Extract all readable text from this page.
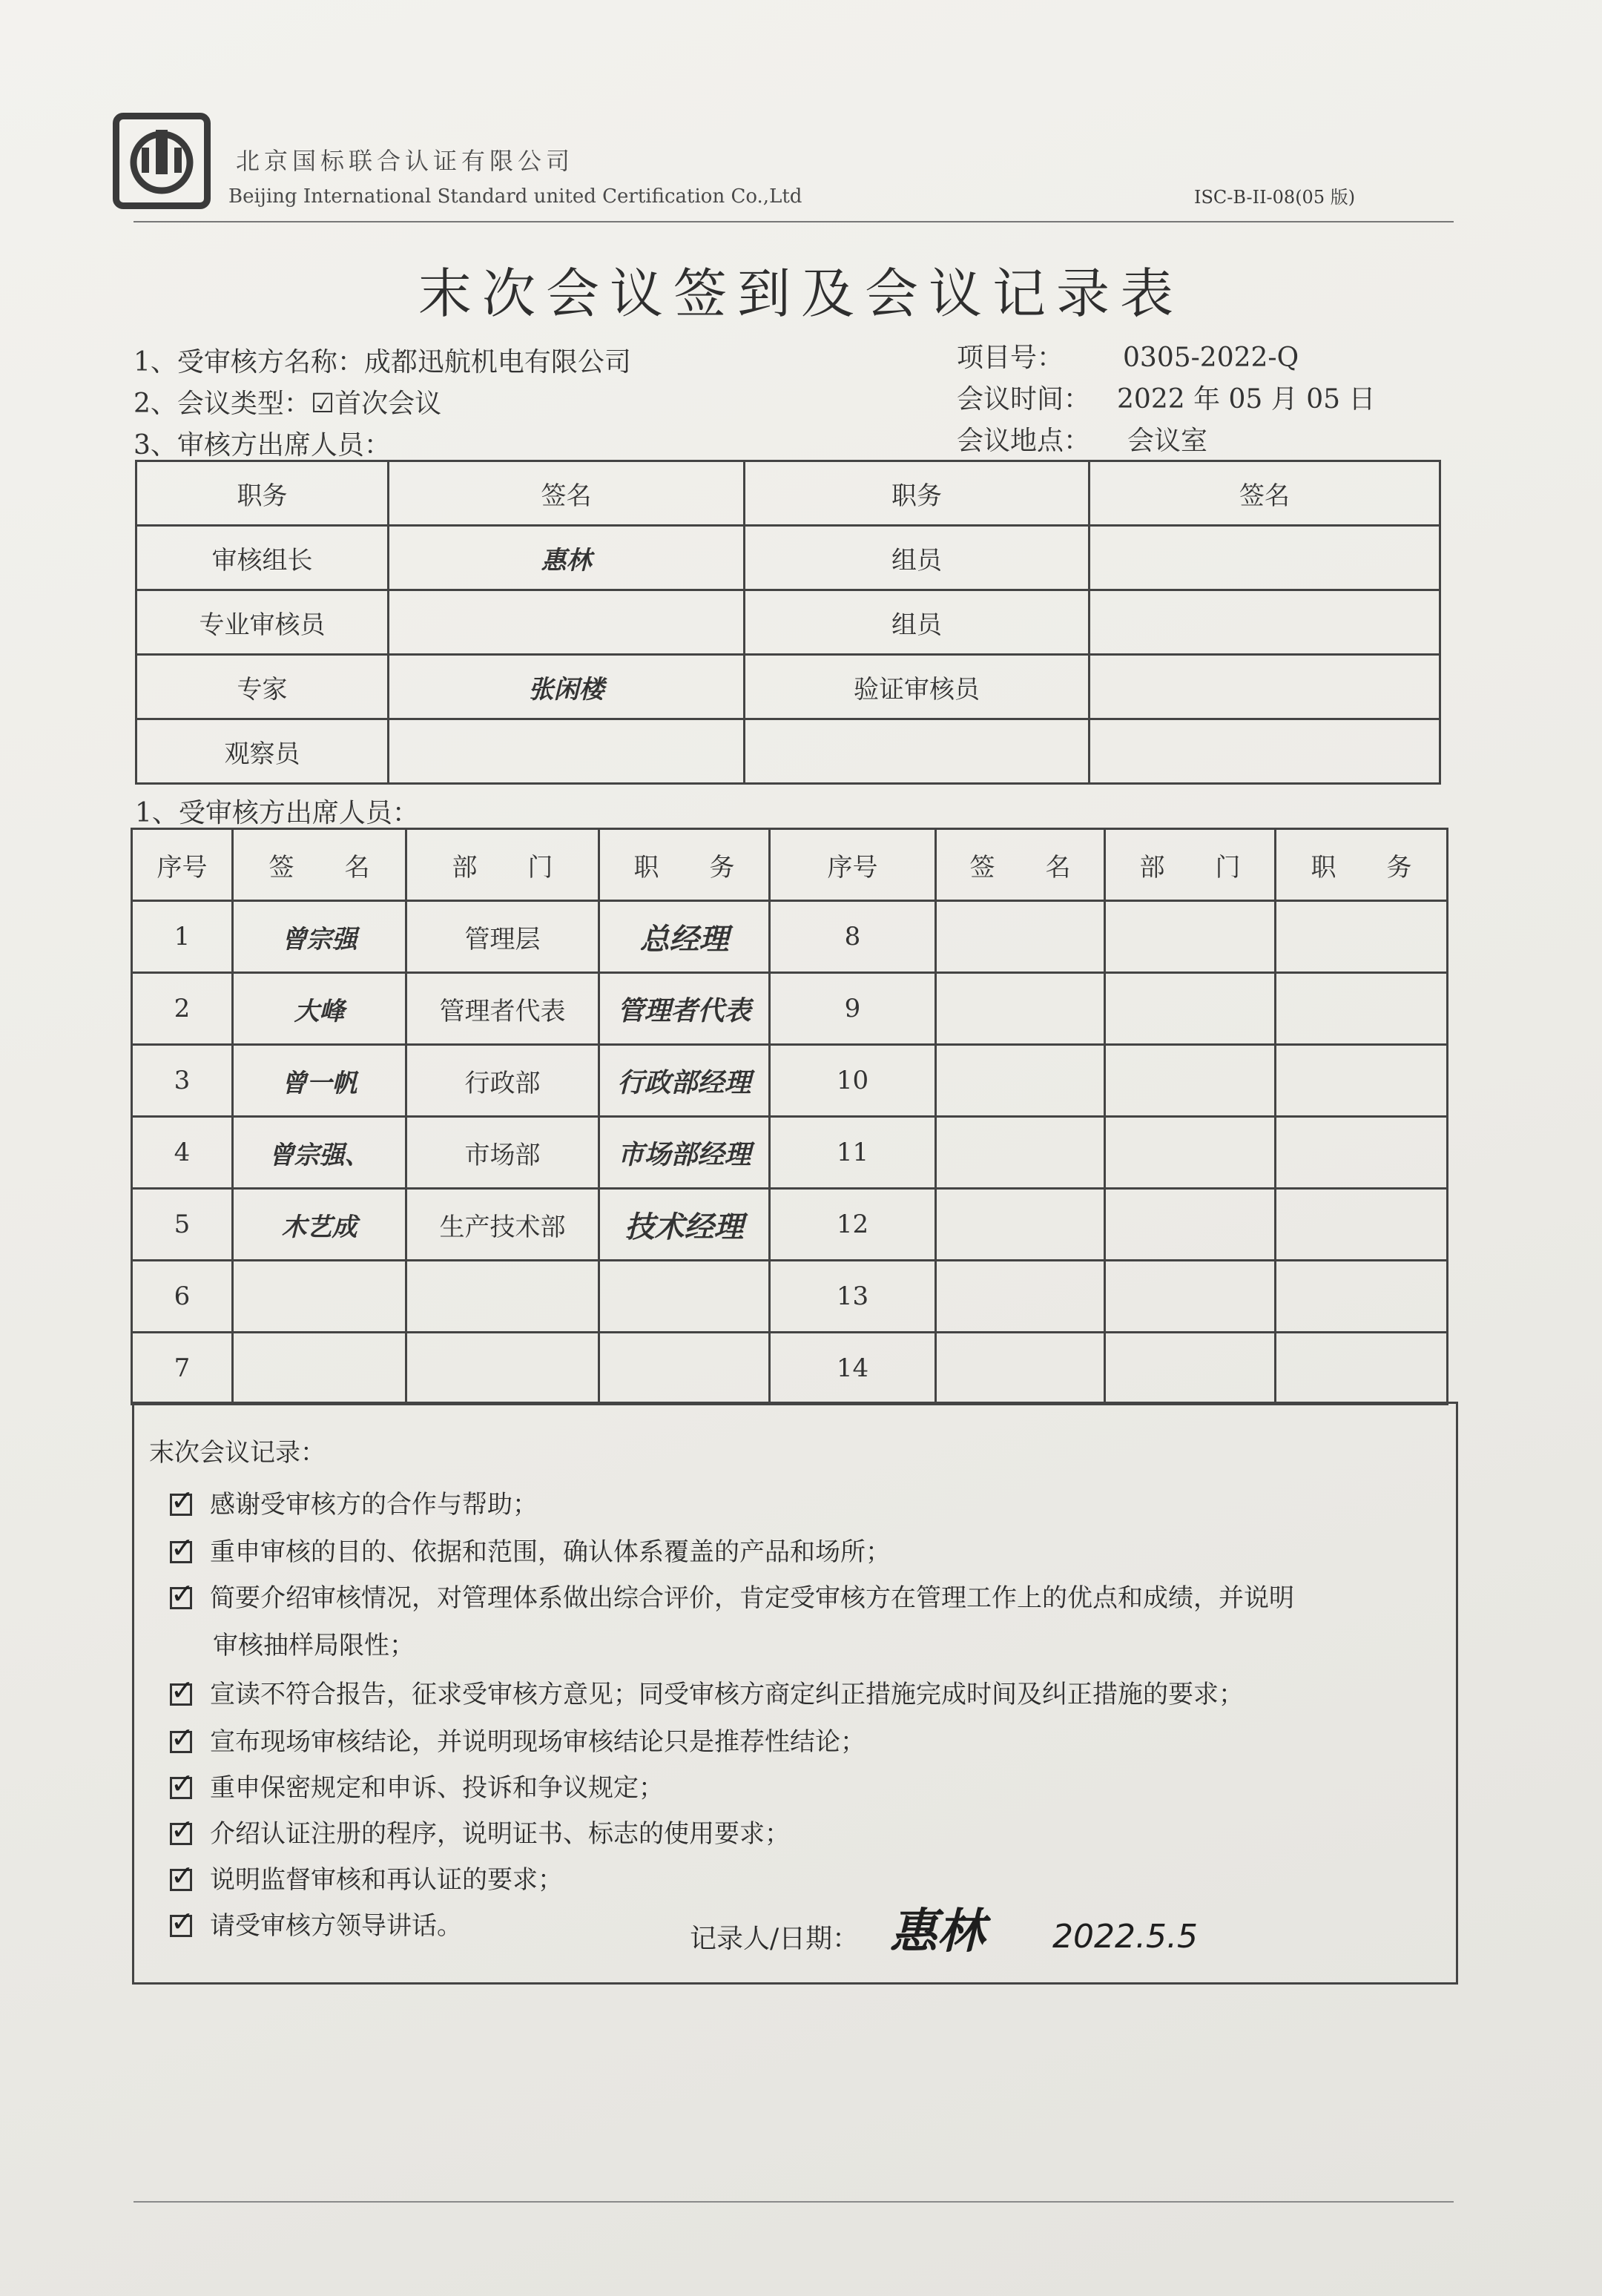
北京国标联合认证有限公司
Beijing International Standard united Certification Co.,Ltd	ISC-B-II-08(05 版)
末次会议签到及会议记录表
1、受审核方名称：成都迅航机电有限公司
2、会议类型：☑首次会议
3、审核方出席人员：
项目号： 0305-2022-Q
会议时间： 2022 年 05 月 05 日
会议地点： 会议室
职务	签名	职务	签名
审核组长	惠林	组员	
专业审核员		组员	
专家	张闲楼	验证审核员	
观察员			
1、受审核方出席人员：
序号	签　　名	部　　门	职　　务	序号	签　　名	部　　门	职　　务
1	曾宗强	管理层	总经理	8			
2	大峰	管理者代表	管理者代表	9			
3	曾一帆	行政部	行政部经理	10			
4	曾宗强、	市场部	市场部经理	11			
5	木艺成	生产技术部	技术经理	12			
6				13			
7				14			
末次会议记录：
✓感谢受审核方的合作与帮助；
✓重申审核的目的、依据和范围，确认体系覆盖的产品和场所；
✓简要介绍审核情况，对管理体系做出综合评价，肯定受审核方在管理工作上的优点和成绩，并说明
审核抽样局限性；
✓宣读不符合报告，征求受审核方意见；同受审核方商定纠正措施完成时间及纠正措施的要求；
✓宣布现场审核结论，并说明现场审核结论只是推荐性结论；
✓重申保密规定和申诉、投诉和争议规定；
✓介绍认证注册的程序，说明证书、标志的使用要求；
✓说明监督审核和再认证的要求；
✓请受审核方领导讲话。	记录人/日期： 惠林 2022.5.5
